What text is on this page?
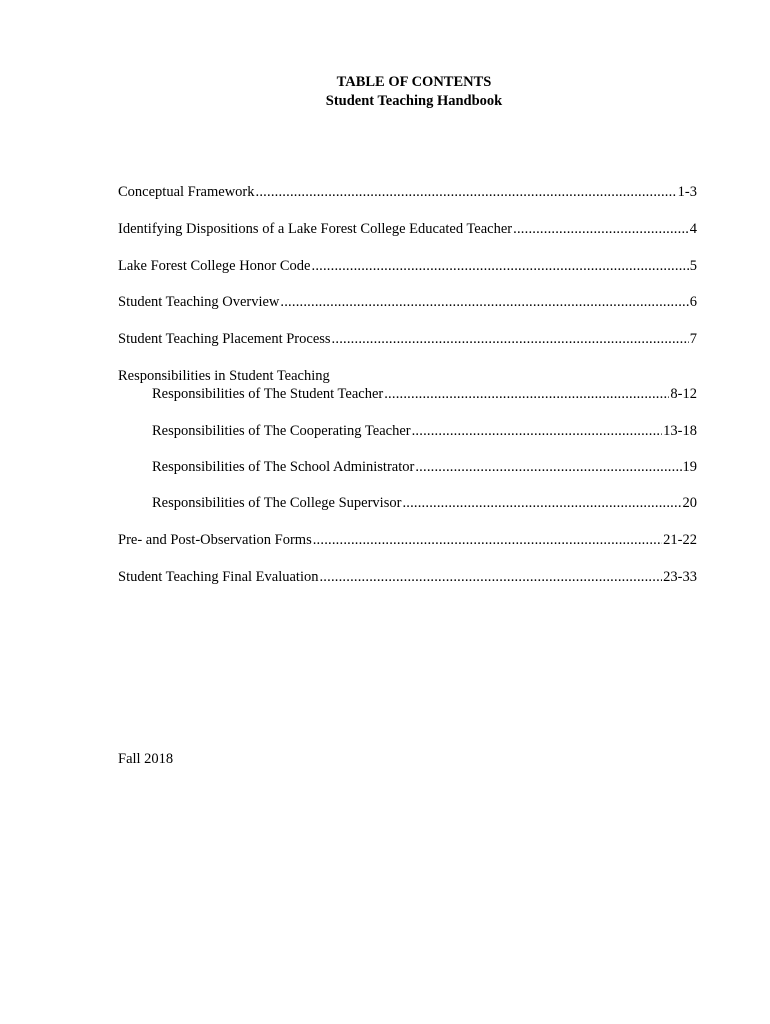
TABLE OF CONTENTS
Student Teaching Handbook
Conceptual Framework .....	1-3
Identifying Dispositions of a Lake Forest College Educated Teacher .....	4
Lake Forest College Honor Code .....	5
Student Teaching Overview .....	6
Student Teaching Placement Process .....	7
Responsibilities in Student Teaching
Responsibilities of The Student Teacher .....	8-12
Responsibilities of The Cooperating Teacher .....	13-18
Responsibilities of The School Administrator .....	19
Responsibilities of The College Supervisor .....	20
Pre- and Post-Observation Forms .....	21-22
Student Teaching Final Evaluation .....	23-33
Fall 2018
